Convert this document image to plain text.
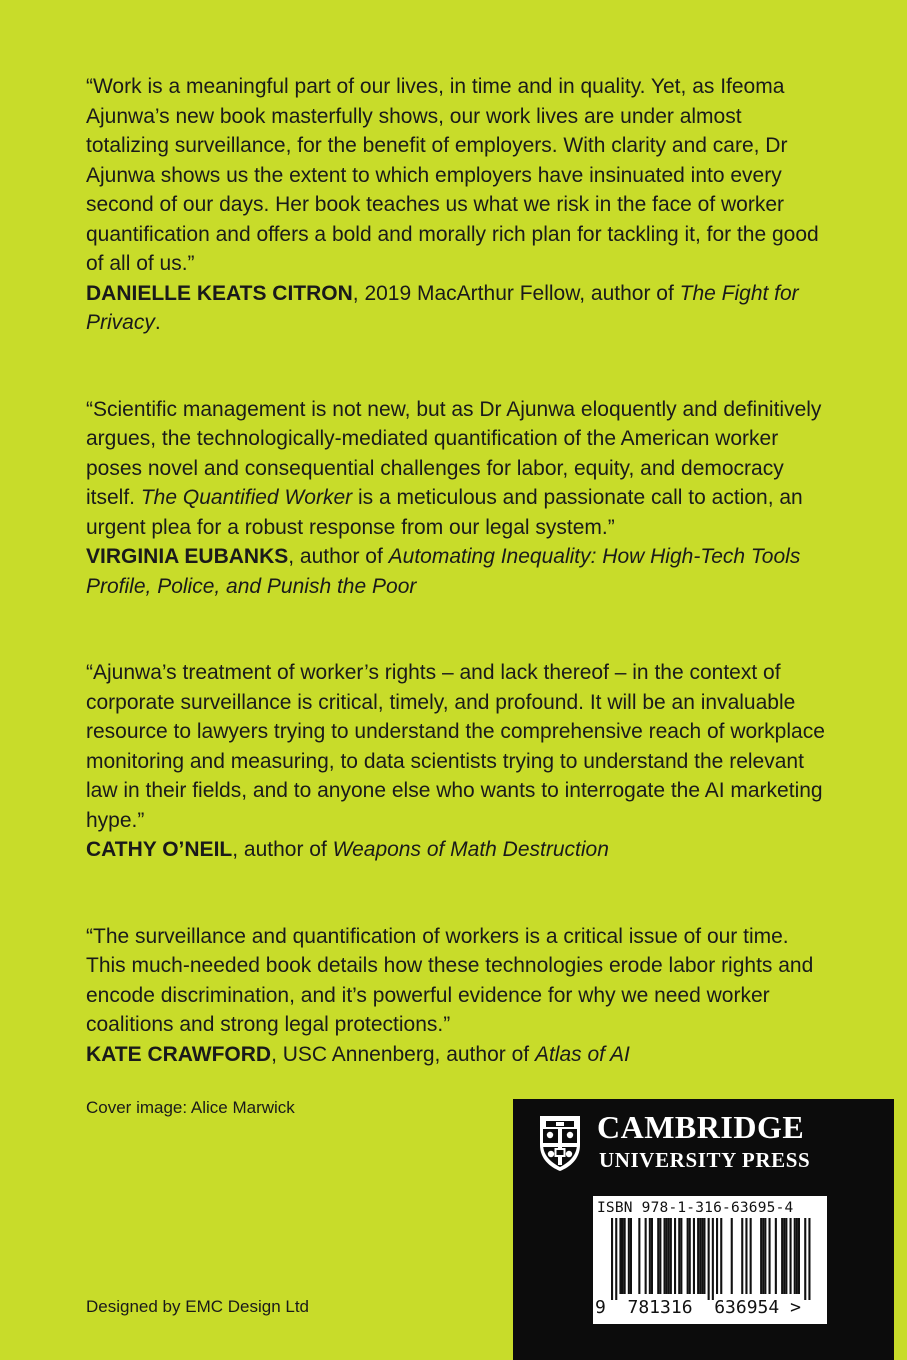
“Work is a meaningful part of our lives, in time and in quality. Yet, as Ifeoma Ajunwa’s new book masterfully shows, our work lives are under almost totalizing surveillance, for the benefit of employers. With clarity and care, Dr Ajunwa shows us the extent to which employers have insinuated into every second of our days. Her book teaches us what we risk in the face of worker quantification and offers a bold and morally rich plan for tackling it, for the good of all of us.”

DANIELLE KEATS CITRON, 2019 MacArthur Fellow, author of The Fight for Privacy.

“Scientific management is not new, but as Dr Ajunwa eloquently and definitively argues, the technologically-mediated quantification of the American worker poses novel and consequential challenges for labor, equity, and democracy itself. The Quantified Worker is a meticulous and passionate call to action, an urgent plea for a robust response from our legal system.”

VIRGINIA EUBANKS, author of Automating Inequality: How High-Tech Tools Profile, Police, and Punish the Poor

“Ajunwa’s treatment of worker’s rights – and lack thereof – in the context of corporate surveillance is critical, timely, and profound. It will be an invaluable resource to lawyers trying to understand the comprehensive reach of workplace monitoring and measuring, to data scientists trying to understand the relevant law in their fields, and to anyone else who wants to interrogate the AI marketing hype.”

CATHY O’NEIL, author of Weapons of Math Destruction

“The surveillance and quantification of workers is a critical issue of our time. This much-needed book details how these technologies erode labor rights and encode discrimination, and it’s powerful evidence for why we need worker coalitions and strong legal protections.”

KATE CRAWFORD, USC Annenberg, author of Atlas of AI

Cover image: Alice Marwick
Designed by EMC Design Ltd

CAMBRIDGE

UNIVERSITY PRESS

ISBN 978-1-316-63695-4
9  781316  636954 >
